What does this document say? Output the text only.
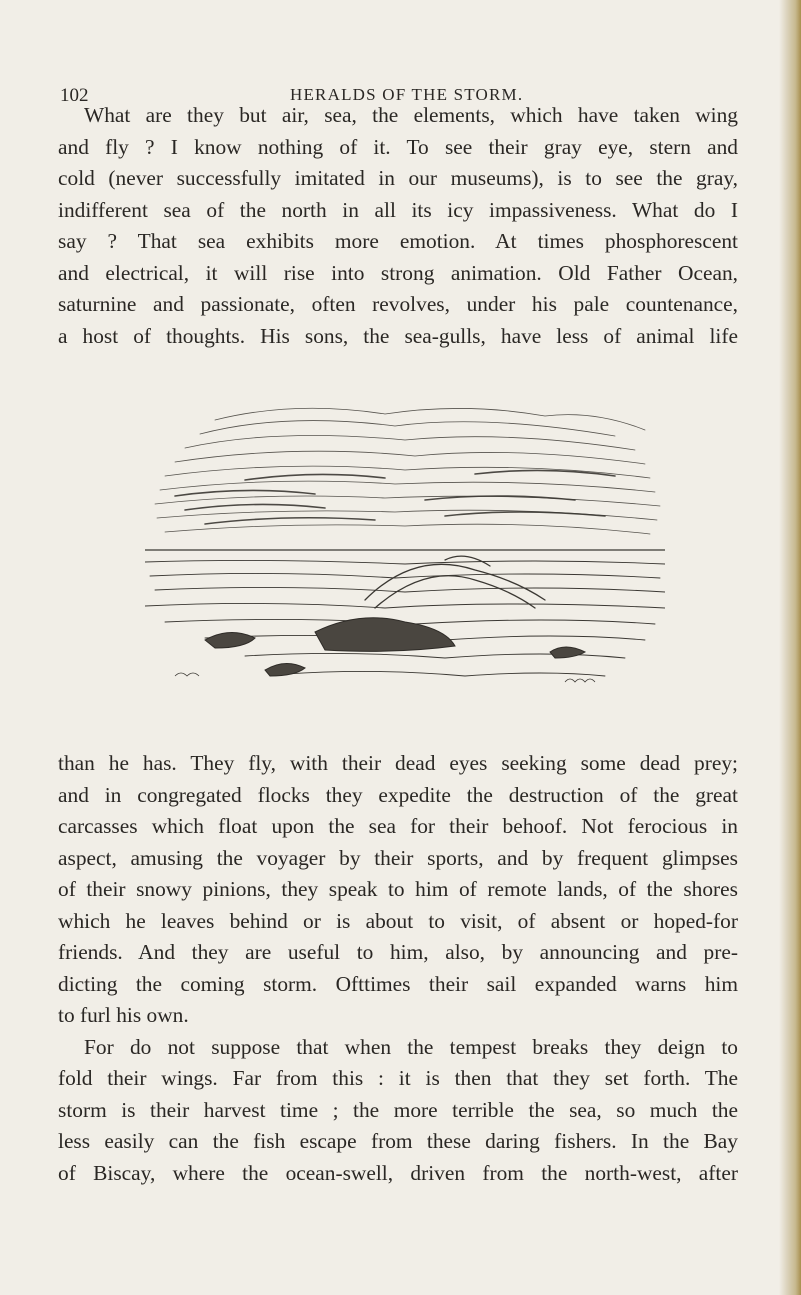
102	HERALDS OF THE STORM.
What are they but air, sea, the elements, which have taken wing
and fly ? I know nothing of it. To see their gray eye, stern and
cold (never successfully imitated in our museums), is to see the gray,
indifferent sea of the north in all its icy impassiveness. What do I
say ? That sea exhibits more emotion. At times phosphorescent
and electrical, it will rise into strong animation. Old Father Ocean,
saturnine and passionate, often revolves, under his pale countenance,
a host of thoughts. His sons, the sea-gulls, have less of animal life
than he has. They fly, with their dead eyes seeking some dead prey;
and in congregated flocks they expedite the destruction of the great
carcasses which float upon the sea for their behoof. Not ferocious in
aspect, amusing the voyager by their sports, and by frequent glimpses
of their snowy pinions, they speak to him of remote lands, of the shores
which he leaves behind or is about to visit, of absent or hoped-for
friends. And they are useful to him, also, by announcing and pre-
dicting the coming storm. Ofttimes their sail expanded warns him
to furl his own.
For do not suppose that when the tempest breaks they deign to
fold their wings. Far from this : it is then that they set forth. The
storm is their harvest time ; the more terrible the sea, so much the
less easily can the fish escape from these daring fishers. In the Bay
of Biscay, where the ocean-swell, driven from the north-west, after
